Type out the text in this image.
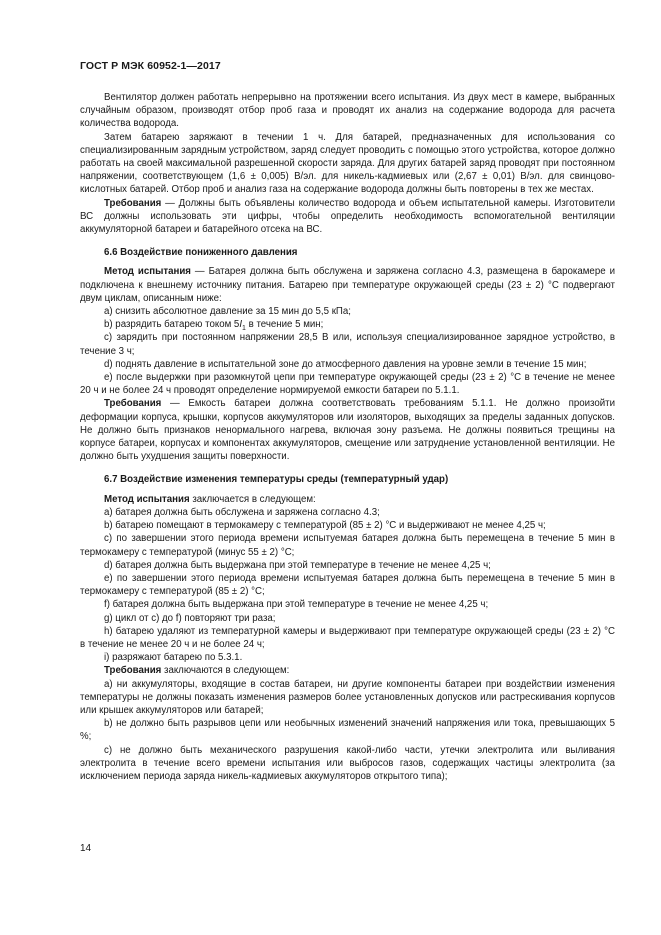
ГОСТ Р МЭК 60952-1—2017

Вентилятор должен работать непрерывно на протяжении всего испытания. Из двух мест в камере, выбранных случайным образом, производят отбор проб газа и проводят их анализ на содержание водорода для расчета количества водорода.

Затем батарею заряжают в течении 1 ч. Для батарей, предназначенных для использования со специализированным зарядным устройством, заряд следует проводить с помощью этого устройства, которое должно работать на своей максимальной разрешенной скорости заряда. Для других батарей заряд проводят при постоянном напряжении, соответствующем (1,6 ± 0,005) В/эл. для никель-кадмиевых или (2,67 ± 0,01) В/эл. для свинцово-кислотных батарей. Отбор проб и анализ газа на содержание водорода должны быть повторены в тех же местах.

Требования — Должны быть объявлены количество водорода и объем испытательной камеры. Изготовители ВС должны использовать эти цифры, чтобы определить необходимость вспомогательной вентиляции аккумуляторной батареи и батарейного отсека на ВС.

6.6 Воздействие пониженного давления

Метод испытания — Батарея должна быть обслужена и заряжена согласно 4.3, размещена в барокамере и подключена к внешнему источнику питания. Батарею при температуре окружающей среды (23 ± 2) °С подвергают двум циклам, описанным ниже:

a) снизить абсолютное давление за 15 мин до 5,5 кПа;

b) разрядить батарею током $5I_1$ в течение 5 мин;

c) зарядить при постоянном напряжении 28,5 В или, используя специализированное зарядное устройство, в течение 3 ч;

d) поднять давление в испытательной зоне до атмосферного давления на уровне земли в течение 15 мин;

e) после выдержки при разомкнутой цепи при температуре окружающей среды (23 ± 2) °С в течение не менее 20 ч и не более 24 ч проводят определение нормируемой емкости батареи по 5.1.1.

Требования — Емкость батареи должна соответствовать требованиям 5.1.1. Не должно произойти деформации корпуса, крышки, корпусов аккумуляторов или изоляторов, выходящих за пределы заданных допусков. Не должно быть признаков ненормального нагрева, включая зону разъема. Не должны появиться трещины на корпусе батареи, корпусах и компонентах аккумуляторов, смещение или затруднение установленной вентиляции. Не должно быть ухудшения защиты поверхности.

6.7 Воздействие изменения температуры среды (температурный удар)

Метод испытания заключается в следующем:

a) батарея должна быть обслужена и заряжена согласно 4.3;

b) батарею помещают в термокамеру с температурой (85 ± 2) °С и выдерживают не менее 4,25 ч;

c) по завершении этого периода времени испытуемая батарея должна быть перемещена в течение 5 мин в термокамеру с температурой (минус 55 ± 2) °С;

d) батарея должна быть выдержана при этой температуре в течение не менее 4,25 ч;

e) по завершении этого периода времени испытуемая батарея должна быть перемещена в течение 5 мин в термокамеру с температурой (85 ± 2) °С;

f) батарея должна быть выдержана при этой температуре в течение не менее 4,25 ч;

g) цикл от с) до f) повторяют три раза;

h) батарею удаляют из температурной камеры и выдерживают при температуре окружающей среды (23 ± 2) °С в течение не менее 20 ч и не более 24 ч;

i) разряжают батарею по 5.3.1.

Требования заключаются в следующем:

а) ни аккумуляторы, входящие в состав батареи, ни другие компоненты батареи при воздействии изменения температуры не должны показать изменения размеров более установленных допусков или растрескивания корпусов или крышек аккумуляторов или батарей;

b) не должно быть разрывов цепи или необычных изменений значений напряжения или тока, превышающих 5 %;

c) не должно быть механического разрушения какой-либо части, утечки электролита или выливания электролита в течение всего времени испытания или выбросов газов, содержащих частицы электролита (за исключением периода заряда никель-кадмиевых аккумуляторов открытого типа);

14
